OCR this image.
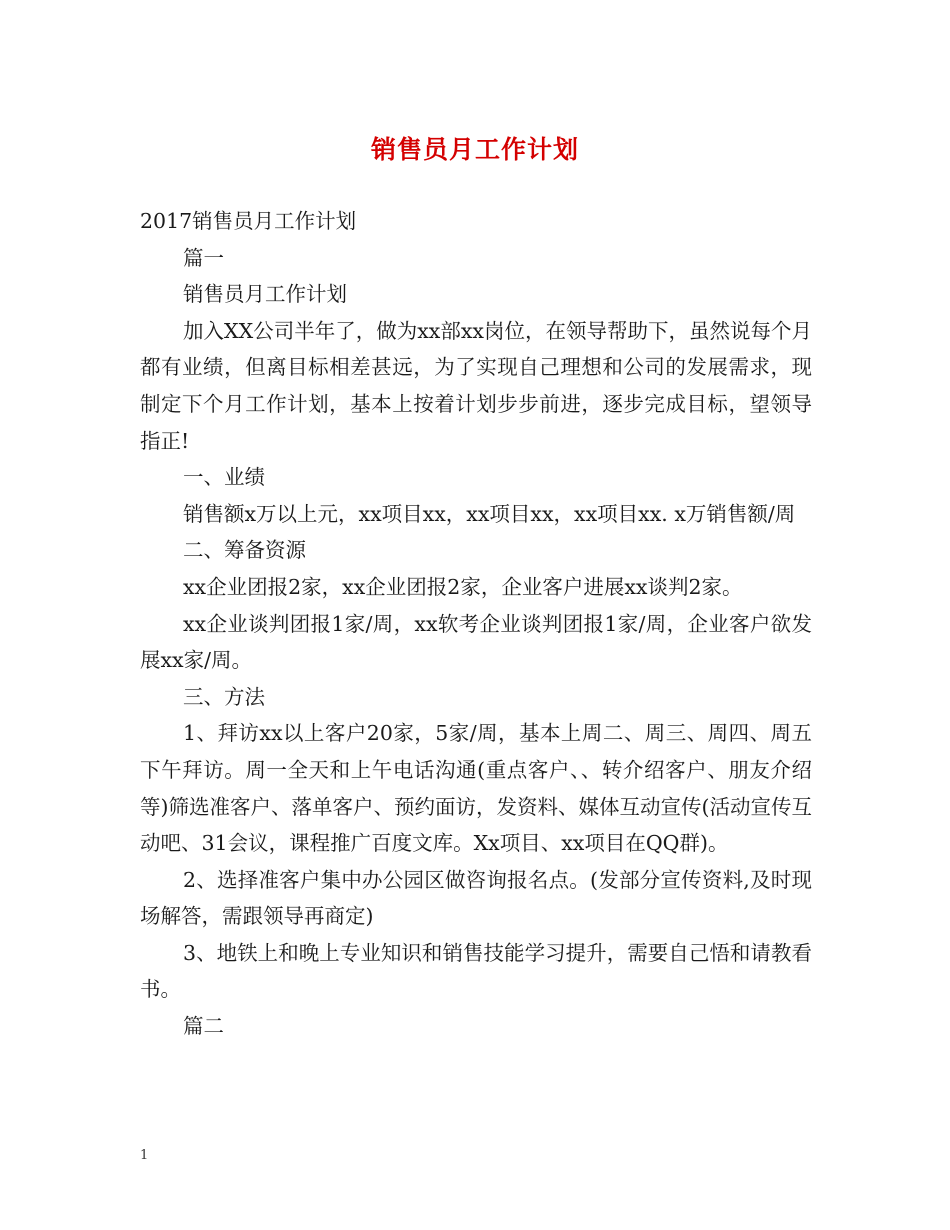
销售员月工作计划

2017销售员月工作计划

篇一

销售员月工作计划

加入XX公司半年了，做为xx部xx岗位，在领导帮助下，虽然说每个月都有业绩，但离目标相差甚远，为了实现自己理想和公司的发展需求，现制定下个月工作计划，基本上按着计划步步前进，逐步完成目标，望领导指正!

一、业绩

销售额x万以上元，xx项目xx，xx项目xx，xx项目xx. x万销售额/周

二、筹备资源

xx企业团报2家，xx企业团报2家，企业客户进展xx谈判2家。

xx企业谈判团报1家/周，xx软考企业谈判团报1家/周，企业客户欲发展xx家/周。

三、方法

1、拜访xx以上客户20家，5家/周，基本上周二、周三、周四、周五下午拜访。周一全天和上午电话沟通(重点客户、、转介绍客户、朋友介绍等)筛选准客户、落单客户、预约面访，发资料、媒体互动宣传(活动宣传互动吧、31会议，课程推广百度文库。Xx项目、xx项目在QQ群)。

2、选择准客户集中办公园区做咨询报名点。(发部分宣传资料,及时现场解答，需跟领导再商定)

3、地铁上和晚上专业知识和销售技能学习提升，需要自己悟和请教看书。

篇二

1
